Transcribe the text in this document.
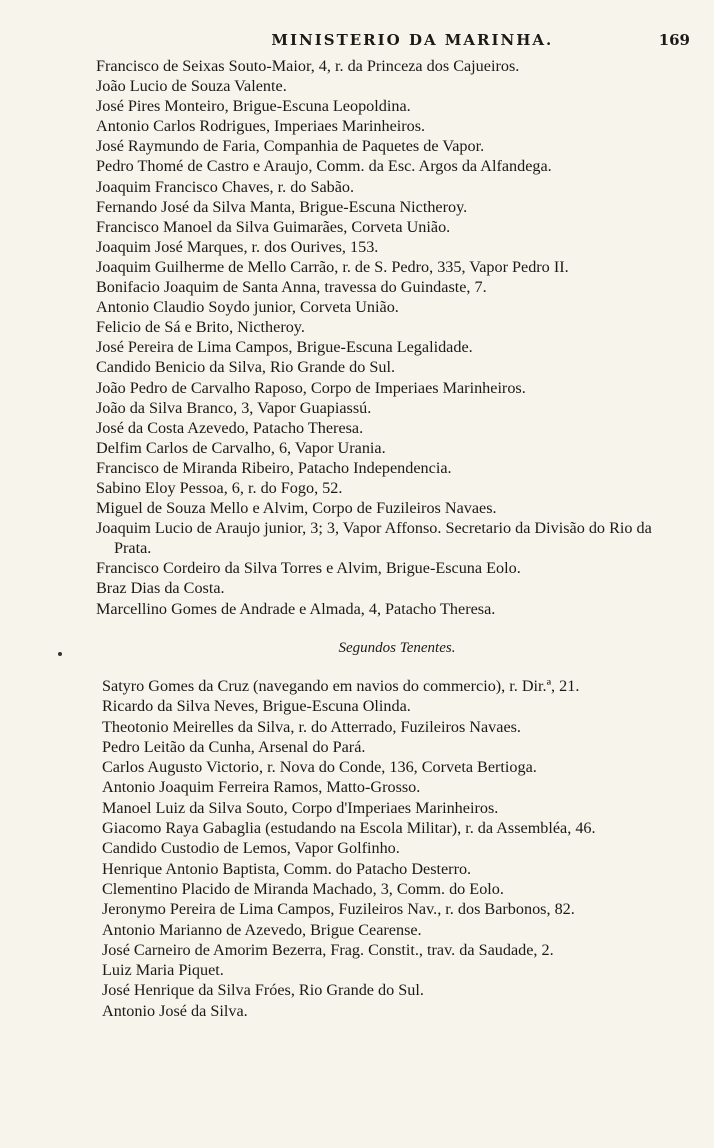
MINISTERIO DA MARINHA.	169

Francisco de Seixas Souto-Maior, 4, r. da Princeza dos Cajueiros.

João Lucio de Souza Valente.

José Pires Monteiro, Brigue-Escuna Leopoldina.

Antonio Carlos Rodrigues, Imperiaes Marinheiros.

José Raymundo de Faria, Companhia de Paquetes de Vapor.

Pedro Thomé de Castro e Araujo, Comm. da Esc. Argos da Alfandega.

Joaquim Francisco Chaves, r. do Sabão.

Fernando José da Silva Manta, Brigue-Escuna Nictheroy.

Francisco Manoel da Silva Guimarães, Corveta União.

Joaquim José Marques, r. dos Ourives, 153.

Joaquim Guilherme de Mello Carrão, r. de S. Pedro, 335, Vapor Pedro II.

Bonifacio Joaquim de Santa Anna, travessa do Guindaste, 7.

Antonio Claudio Soydo junior, Corveta União.

Felicio de Sá e Brito, Nictheroy.

José Pereira de Lima Campos, Brigue-Escuna Legalidade.

Candido Benicio da Silva, Rio Grande do Sul.

João Pedro de Carvalho Raposo, Corpo de Imperiaes Marinheiros.

João da Silva Branco, 3, Vapor Guapiassú.

José da Costa Azevedo, Patacho Theresa.

Delfim Carlos de Carvalho, 6, Vapor Urania.

Francisco de Miranda Ribeiro, Patacho Independencia.

Sabino Eloy Pessoa, 6, r. do Fogo, 52.

Miguel de Souza Mello e Alvim, Corpo de Fuzileiros Navaes.

Joaquim Lucio de Araujo junior, 3; 3, Vapor Affonso. Secretario da Divisão do Rio da Prata.

Francisco Cordeiro da Silva Torres e Alvim, Brigue-Escuna Eolo.

Braz Dias da Costa.

Marcellino Gomes de Andrade e Almada, 4, Patacho Theresa.

Segundos Tenentes.

Satyro Gomes da Cruz (navegando em navios do commercio), r. Dir.ª, 21.

Ricardo da Silva Neves, Brigue-Escuna Olinda.

Theotonio Meirelles da Silva, r. do Atterrado, Fuzileiros Navaes.

Pedro Leitão da Cunha, Arsenal do Pará.

Carlos Augusto Victorio, r. Nova do Conde, 136, Corveta Bertioga.

Antonio Joaquim Ferreira Ramos, Matto-Grosso.

Manoel Luiz da Silva Souto, Corpo d'Imperiaes Marinheiros.

Giacomo Raya Gabaglia (estudando na Escola Militar), r. da Assembléa, 46.

Candido Custodio de Lemos, Vapor Golfinho.

Henrique Antonio Baptista, Comm. do Patacho Desterro.

Clementino Placido de Miranda Machado, 3, Comm. do Eolo.

Jeronymo Pereira de Lima Campos, Fuzileiros Nav., r. dos Barbonos, 82.

Antonio Marianno de Azevedo, Brigue Cearense.

José Carneiro de Amorim Bezerra, Frag. Constit., trav. da Saudade, 2.

Luiz Maria Piquet.

José Henrique da Silva Fróes, Rio Grande do Sul.

Antonio José da Silva.
